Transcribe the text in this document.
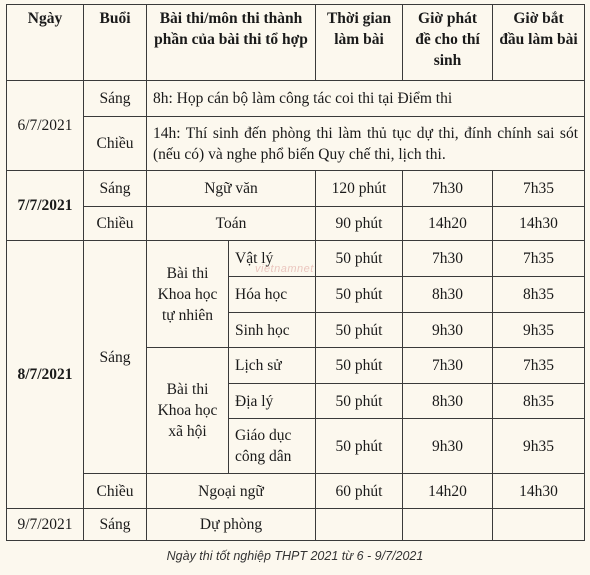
Ngày	Buổi	Bài thi/môn thi thành phần của bài thi tổ hợp		Thời gian làm bài	Giờ phát đề cho thí sinh	Giờ bắt đầu làm bài
6/7/2021	Sáng	8h: Họp cán bộ làm công tác coi thi tại Điểm thi				
	Chiều	14h: Thí sinh đến phòng thi làm thủ tục dự thi, đính chính sai sót (nếu có) và nghe phổ biến Quy chế thi, lịch thi.				
7/7/2021	Sáng	Ngữ văn		120 phút	7h30	7h35
	Chiều	Toán		90 phút	14h20	14h30
8/7/2021	Sáng	Bài thi Khoa học tự nhiên	Vật lý	50 phút	7h30	7h35
			Hóa học	50 phút	8h30	8h35
			Sinh học	50 phút	9h30	9h35
		Bài thi Khoa học xã hội	Lịch sử	50 phút	7h30	7h35
			Địa lý	50 phút	8h30	8h35
			Giáo dục công dân	50 phút	9h30	9h35
	Chiều	Ngoại ngữ		60 phút	14h20	14h30
9/7/2021	Sáng	Dự phòng				
vietnamnet
Ngày thi tốt nghiệp THPT 2021 từ 6 - 9/7/2021
